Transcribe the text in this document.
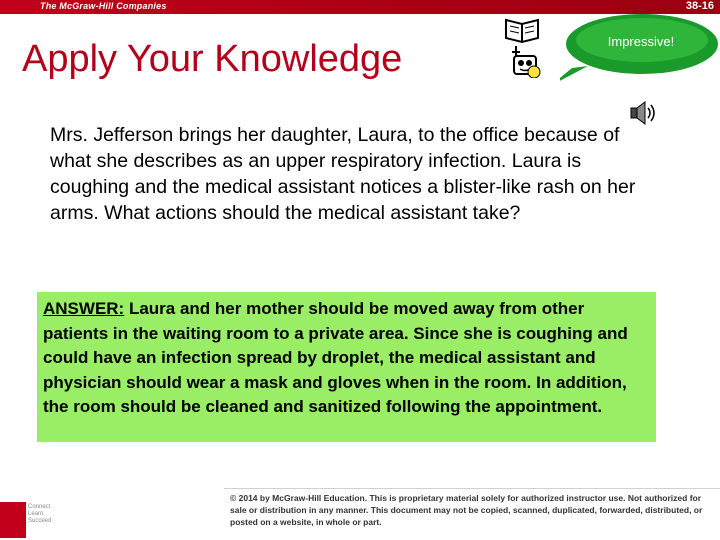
The McGraw-Hill Companies	38-16
Apply Your Knowledge	Impressive!
Mrs. Jefferson brings her daughter, Laura, to the office because of what she describes as an upper respiratory infection. Laura is coughing and the medical assistant notices a blister-like rash on her arms. What actions should the medical assistant take?
ANSWER: Laura and her mother should be moved away from other patients in the waiting room to a private area. Since she is coughing and could have an infection spread by droplet, the medical assistant and physician should wear a mask and gloves when in the room. In addition, the room should be cleaned and sanitized following the appointment.
Connect Learn Succeed
© 2014 by McGraw-Hill Education. This is proprietary material solely for authorized instructor use. Not authorized for sale or distribution in any manner. This document may not be copied, scanned, duplicated, forwarded, distributed, or posted on a website, in whole or part.
